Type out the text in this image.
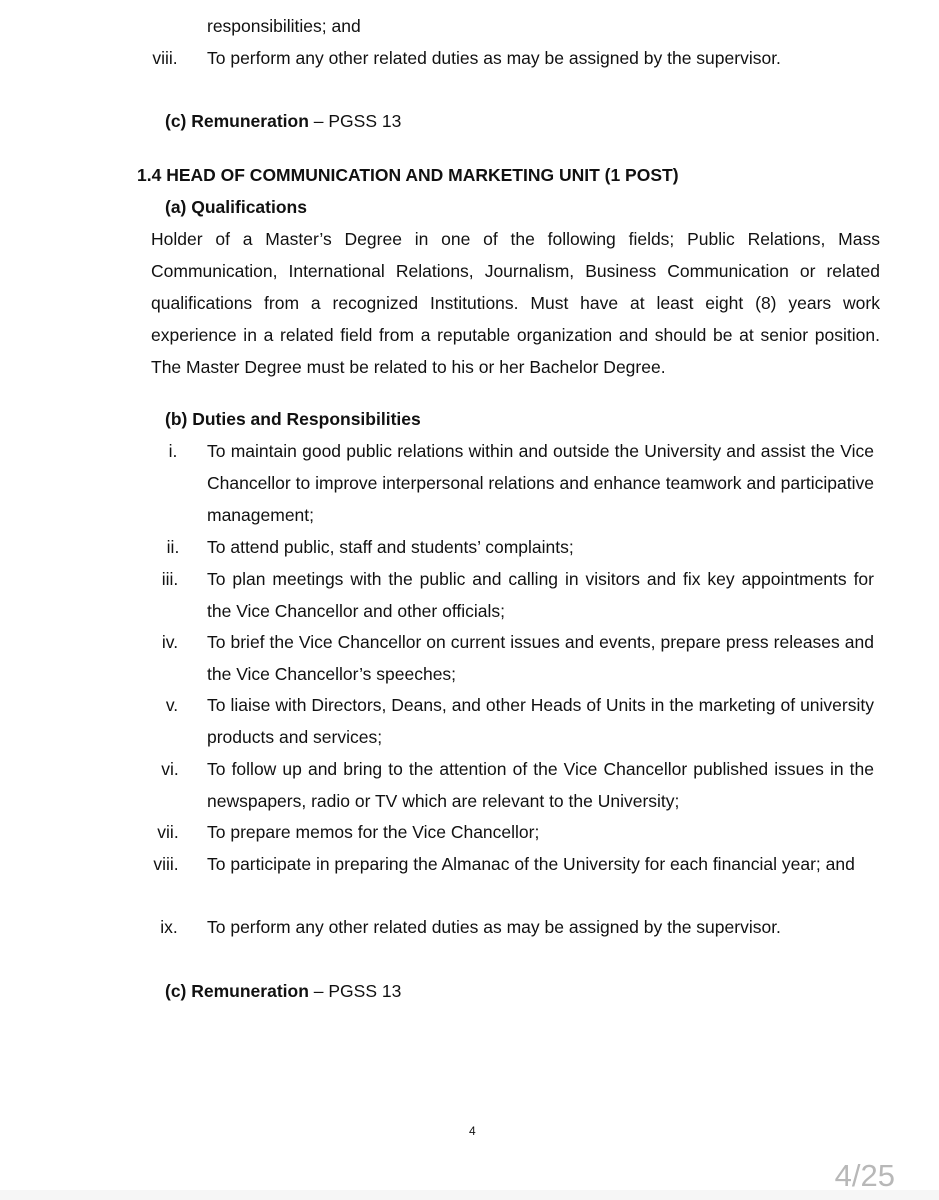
responsibilities; and
viii.	To perform any other related duties as may be assigned by the supervisor.
(c) Remuneration – PGSS 13
1.4 HEAD OF COMMUNICATION AND MARKETING UNIT (1 POST)
(a) Qualifications
Holder of a Master’s Degree in one of the following fields; Public Relations, Mass Communication, International Relations, Journalism, Business Communication or related qualifications from a recognized Institutions. Must have at least eight (8) years work experience in a related field from a reputable organization and should be at senior position. The Master Degree must be related to his or her Bachelor Degree.
(b) Duties and Responsibilities
i.	To maintain good public relations within and outside the University and assist the Vice Chancellor to improve interpersonal relations and enhance teamwork and participative management;
ii.	To attend public, staff and students’ complaints;
iii.	To plan meetings with the public and calling in visitors and fix key appointments for the Vice Chancellor and other officials;
iv.	To brief the Vice Chancellor on current issues and events, prepare press releases and the Vice Chancellor’s speeches;
v.	To liaise with Directors, Deans, and other Heads of Units in the marketing of university products and services;
vi.	To follow up and bring to the attention of the Vice Chancellor published issues in the newspapers, radio or TV which are relevant to the University;
vii.	To prepare memos for the Vice Chancellor;
viii.	To participate in preparing the Almanac of the University for each financial year; and
ix.	To perform any other related duties as may be assigned by the supervisor.
(c) Remuneration – PGSS 13
4
4/25
